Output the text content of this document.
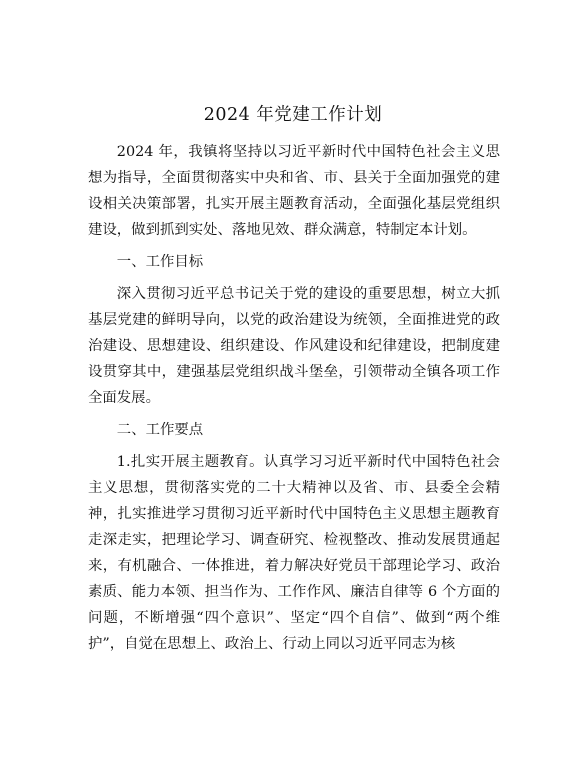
2024 年党建工作计划

2024 年，我镇将坚持以习近平新时代中国特色社会主义思想为指导，全面贯彻落实中央和省、市、县关于全面加强党的建设相关决策部署，扎实开展主题教育活动，全面强化基层党组织建设，做到抓到实处、落地见效、群众满意，特制定本计划。

一、工作目标

深入贯彻习近平总书记关于党的建设的重要思想，树立大抓基层党建的鲜明导向，以党的政治建设为统领，全面推进党的政治建设、思想建设、组织建设、作风建设和纪律建设，把制度建设贯穿其中，建强基层党组织战斗堡垒，引领带动全镇各项工作全面发展。

二、工作要点

1.扎实开展主题教育。认真学习习近平新时代中国特色社会主义思想，贯彻落实党的二十大精神以及省、市、县委全会精神，扎实推进学习贯彻习近平新时代中国特色主义思想主题教育走深走实，把理论学习、调查研究、检视整改、推动发展贯通起来，有机融合、一体推进，着力解决好党员干部理论学习、政治素质、能力本领、担当作为、工作作风、廉洁自律等 6 个方面的问题，不断增强“四个意识”、坚定“四个自信”、做到“两个维护”，自觉在思想上、政治上、行动上同以习近平同志为核
